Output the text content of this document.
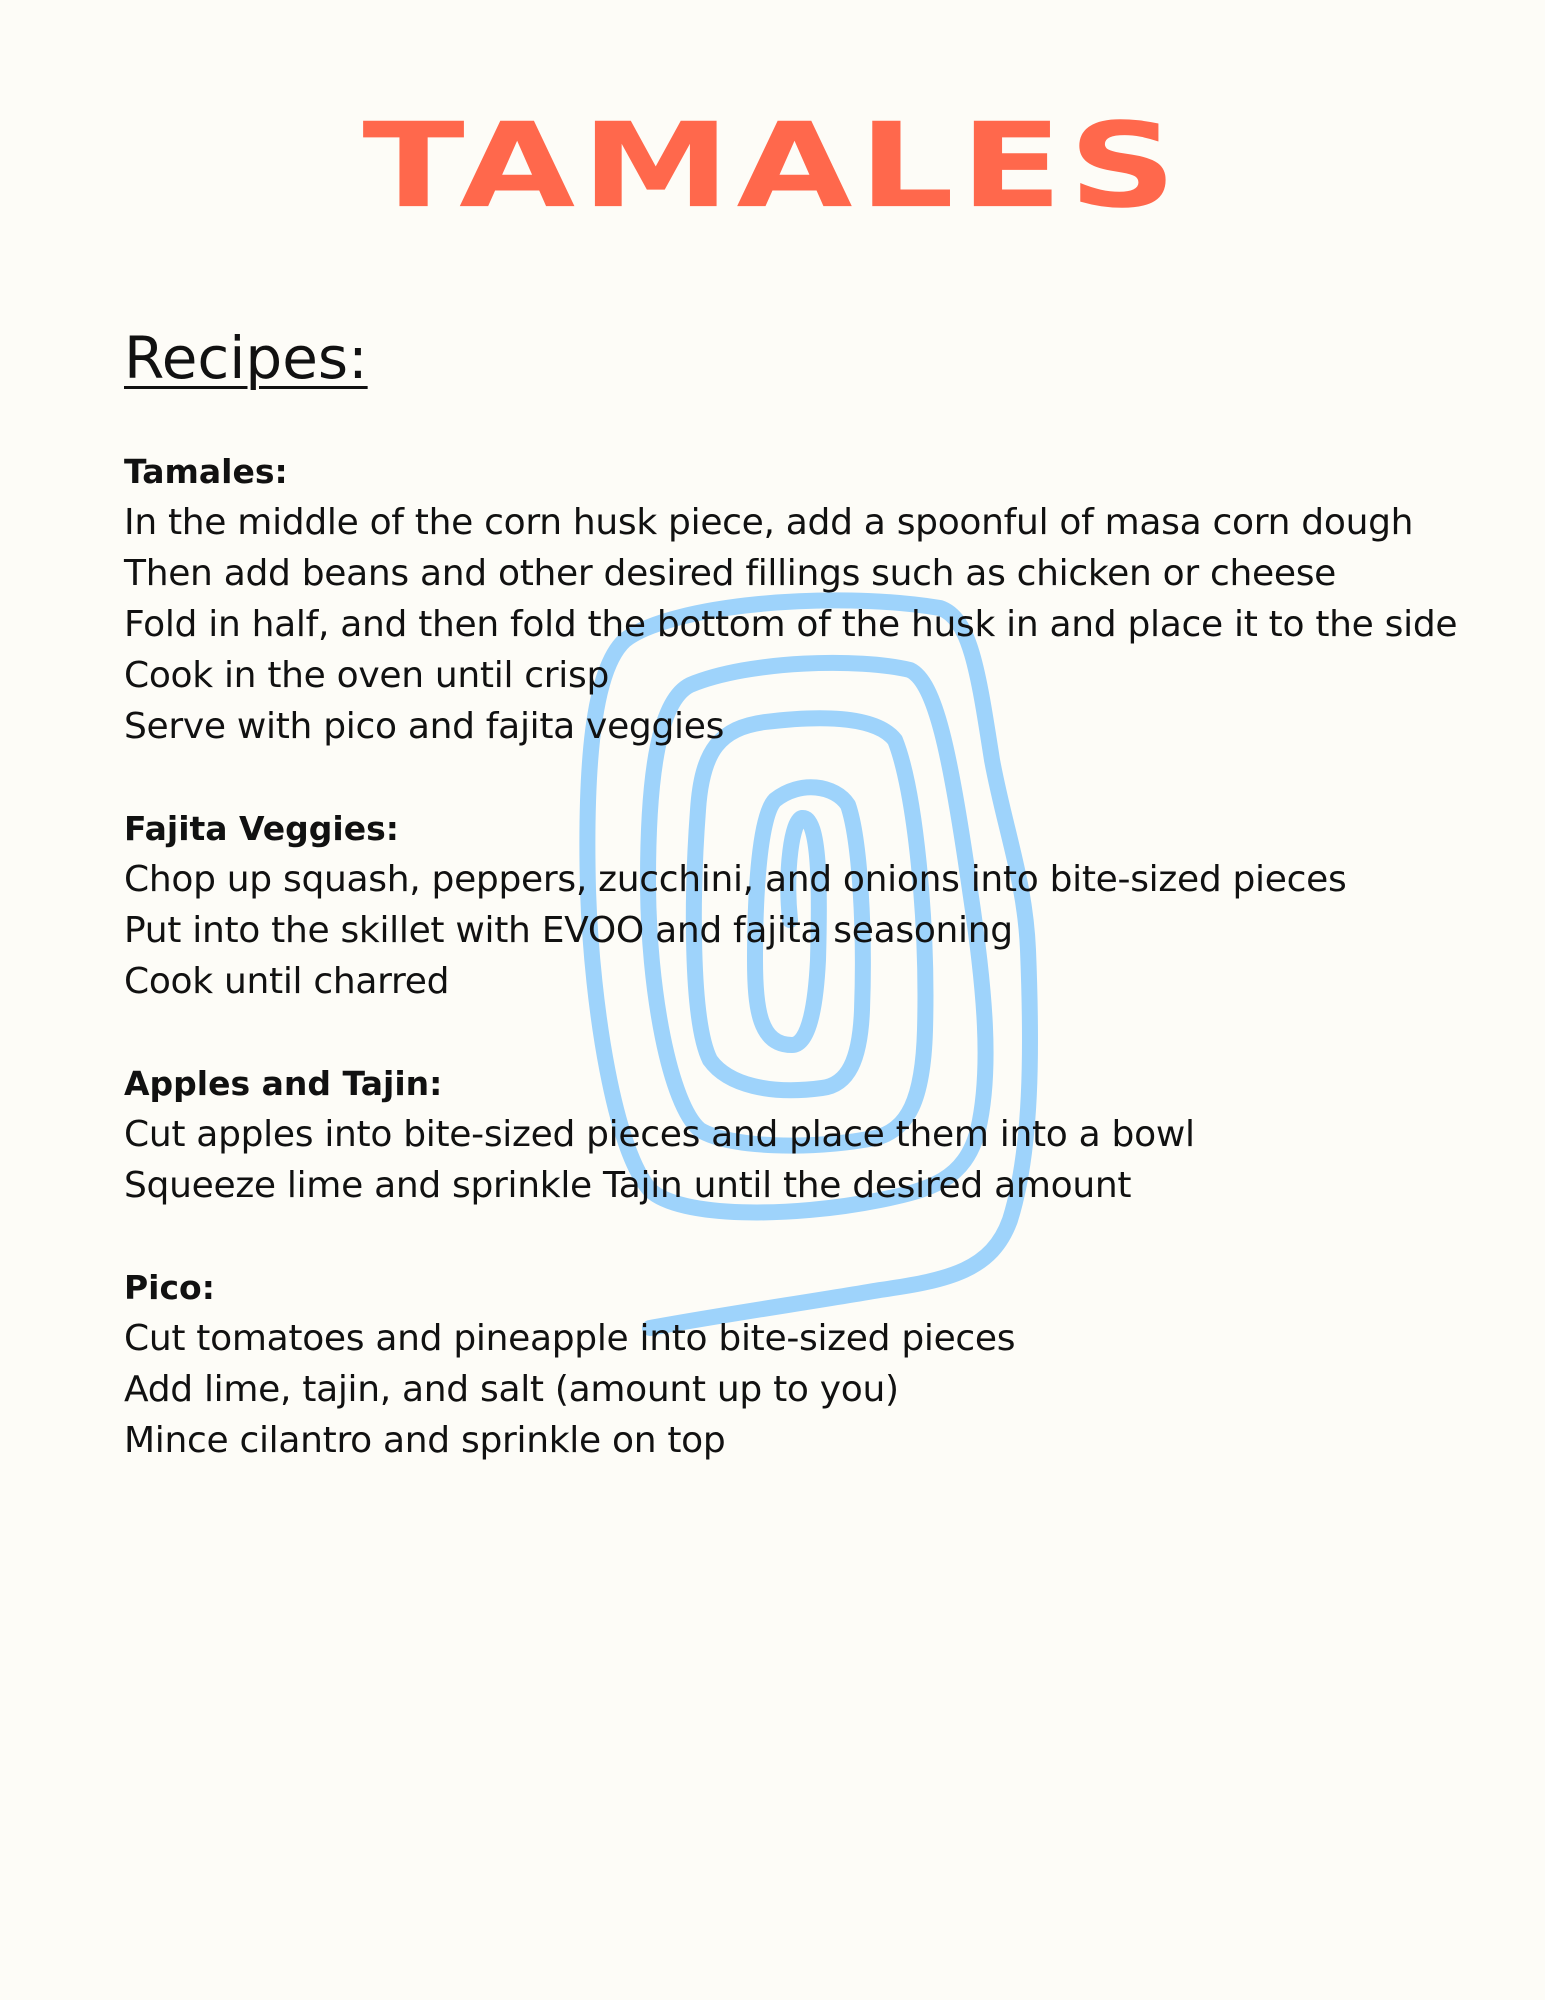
TAMALES
Recipes:
Tamales:
In the middle of the corn husk piece, add a spoonful of masa corn dough
Then add beans and other desired fillings such as chicken or cheese
Fold in half, and then fold the bottom of the husk in and place it to the side
Cook in the oven until crisp
Serve with pico and fajita veggies
Fajita Veggies:
Chop up squash, peppers, zucchini, and onions into bite-sized pieces
Put into the skillet with EVOO and fajita seasoning
Cook until charred
Apples and Tajin:
Cut apples into bite-sized pieces and place them into a bowl
Squeeze lime and sprinkle Tajin until the desired amount
Pico:
Cut tomatoes and pineapple into bite-sized pieces
Add lime, tajin, and salt (amount up to you)
Mince cilantro and sprinkle on top
